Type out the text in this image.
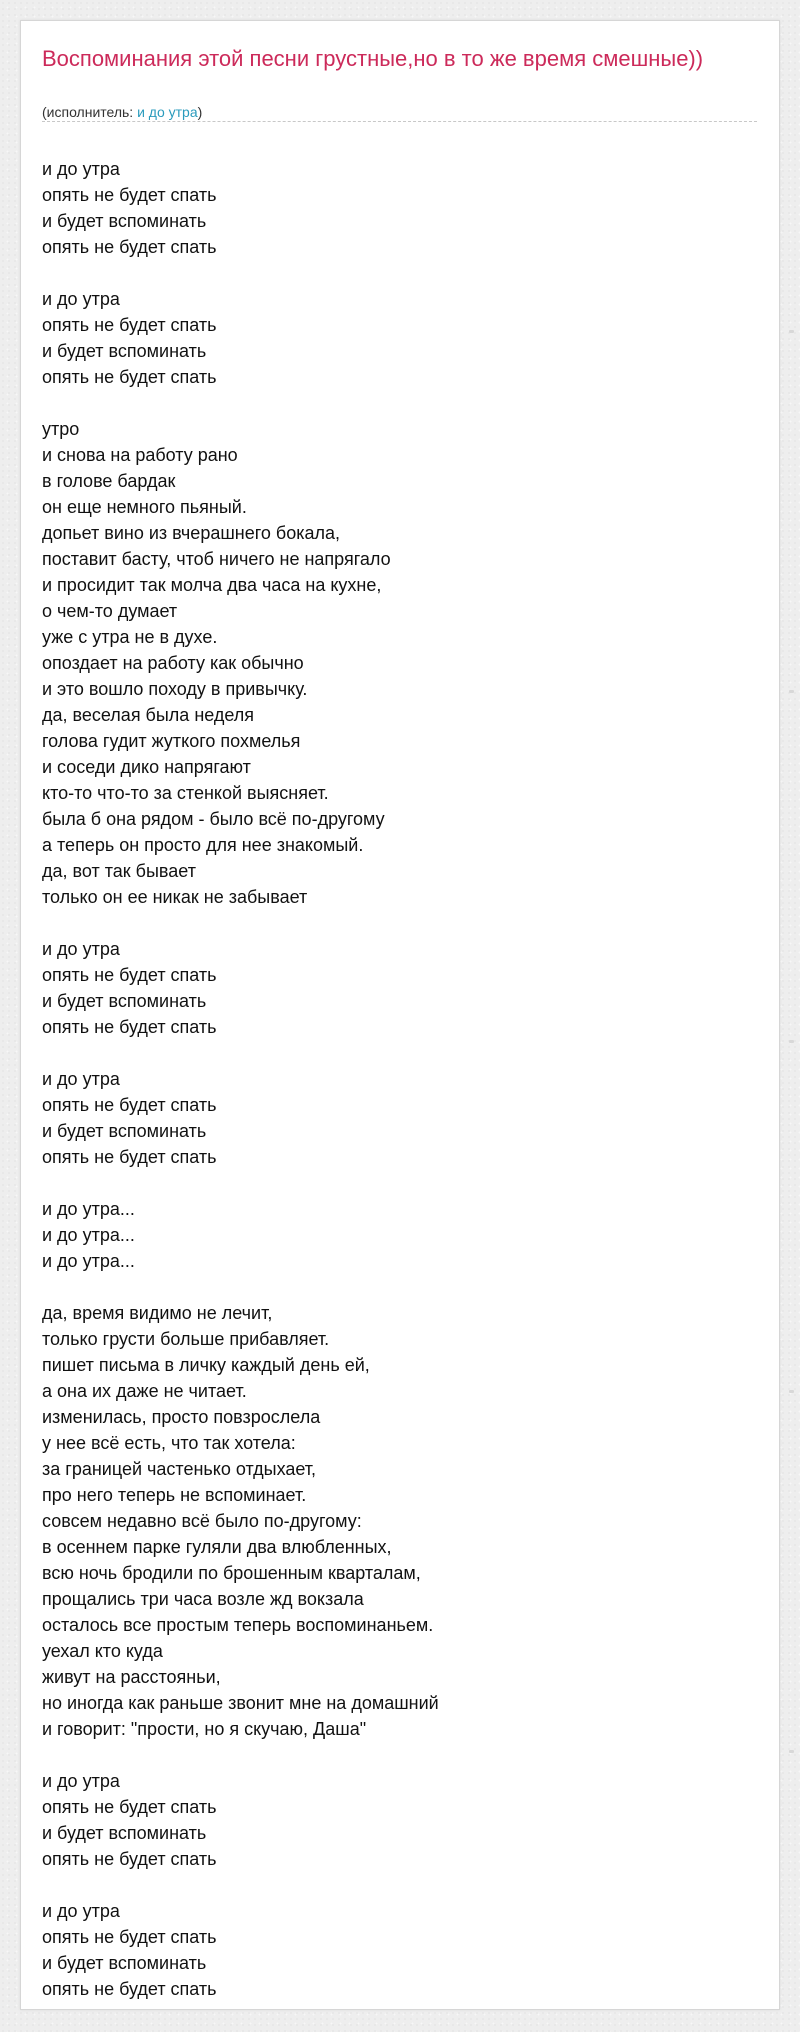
Воспоминания этой песни грустные,но в то же время смешные))
(исполнитель: и до утра)
и до утра
опять не будет спать
и будет вспоминать
опять не будет спать

и до утра
опять не будет спать
и будет вспоминать
опять не будет спать

утро
и снова на работу рано
в голове бардак
он еще немного пьяный.
допьет вино из вчерашнего бокала,
поставит басту, чтоб ничего не напрягало
и просидит так молча два часа на кухне,
о чем-то думает
уже с утра не в духе.
опоздает на работу как обычно
и это вошло походу в привычку.
да, веселая была неделя
голова гудит жуткого похмелья
и соседи дико напрягают
кто-то что-то за стенкой выясняет.
была б она рядом - было всё по-другому
а теперь он просто для нее знакомый.
да, вот так бывает
только он ее никак не забывает

и до утра
опять не будет спать
и будет вспоминать
опять не будет спать

и до утра
опять не будет спать
и будет вспоминать
опять не будет спать

и до утра...
и до утра...
и до утра...

да, время видимо не лечит,
только грусти больше прибавляет.
пишет письма в личку каждый день ей,
а она их даже не читает.
изменилась, просто повзрослела
у нее всё есть, что так хотела:
за границей частенько отдыхает,
про него теперь не вспоминает.
совсем недавно всё было по-другому:
в осеннем парке гуляли два влюбленных,
всю ночь бродили по брошенным кварталам,
прощались три часа возле жд вокзала
осталось все простым теперь воспоминаньем.
уехал кто куда
живут на расстояньи,
но иногда как раньше звонит мне на домашний
и говорит: "прости, но я скучаю, Даша"

и до утра
опять не будет спать
и будет вспоминать
опять не будет спать

и до утра
опять не будет спать
и будет вспоминать
опять не будет спать
